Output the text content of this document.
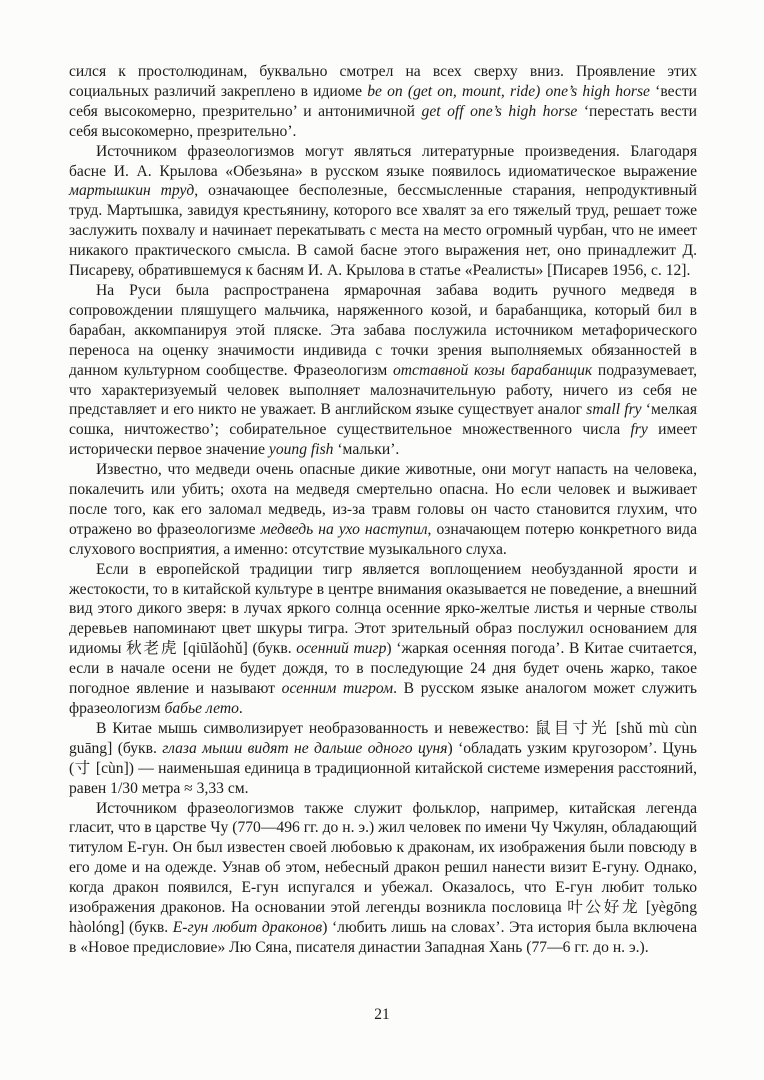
сился к простолюдинам, буквально смотрел на всех сверху вниз. Проявление этих социальных различий закреплено в идиоме be on (get on, mount, ride) one’s high horse ‘вести себя высокомерно, презрительно’ и антонимичной get off one’s high horse ‘перестать вести себя высокомерно, презрительно’.

Источником фразеологизмов могут являться литературные произведения. Благодаря басне И. А. Крылова «Обезьяна» в русском языке появилось идиоматическое выражение мартышкин труд, означающее бесполезные, бессмысленные старания, непродуктивный труд. Мартышка, завидуя крестьянину, которого все хвалят за его тяжелый труд, решает тоже заслужить похвалу и начинает перекатывать с места на место огромный чурбан, что не имеет никакого практического смысла. В самой басне этого выражения нет, оно принадлежит Д. Писареву, обратившемуся к басням И. А. Крылова в статье «Реалисты» [Писарев 1956, с. 12].

На Руси была распространена ярмарочная забава водить ручного медведя в сопровождении пляшущего мальчика, наряженного козой, и барабанщика, который бил в барабан, аккомпанируя этой пляске. Эта забава послужила источником метафорического переноса на оценку значимости индивида с точки зрения выполняемых обязанностей в данном культурном сообществе. Фразеологизм отставной козы барабанщик подразумевает, что характеризуемый человек выполняет малозначительную работу, ничего из себя не представляет и его никто не уважает. В английском языке существует аналог small fry ‘мелкая сошка, ничтожество’; собирательное существительное множественного числа fry имеет исторически первое значение young fish ‘мальки’.

Известно, что медведи очень опасные дикие животные, они могут напасть на человека, покалечить или убить; охота на медведя смертельно опасна. Но если человек и выживает после того, как его заломал медведь, из-за травм головы он часто становится глухим, что отражено во фразеологизме медведь на ухо наступил, означающем потерю конкретного вида слухового восприятия, а именно: отсутствие музыкального слуха.

Если в европейской традиции тигр является воплощением необузданной ярости и жестокости, то в китайской культуре в центре внимания оказывается не поведение, а внешний вид этого дикого зверя: в лучах яркого солнца осенние ярко-желтые листья и черные стволы деревьев напоминают цвет шкуры тигра. Этот зрительный образ послужил основанием для идиомы 秋老虎 [qiūlǎohǔ] (букв. осенний тигр) ‘жаркая осенняя погода’. В Китае считается, если в начале осени не будет дождя, то в последующие 24 дня будет очень жарко, такое погодное явление и называют осенним тигром. В русском языке аналогом может служить фразеологизм бабье лето.

В Китае мышь символизирует необразованность и невежество: 鼠目寸光 [shǔ mù cùn guāng] (букв. глаза мыши видят не дальше одного цуня) ‘обладать узким кругозором’. Цунь (寸 [cùn]) — наименьшая единица в традиционной китайской системе измерения расстояний, равен 1/30 метра ≈ 3,33 см.

Источником фразеологизмов также служит фольклор, например, китайская легенда гласит, что в царстве Чу (770—496 гг. до н. э.) жил человек по имени Чу Чжулян, обладающий титулом Е-гун. Он был известен своей любовью к драконам, их изображения были повсюду в его доме и на одежде. Узнав об этом, небесный дракон решил нанести визит Е-гуну. Однако, когда дракон появился, Е-гун испугался и убежал. Оказалось, что Е-гун любит только изображения драконов. На основании этой легенды возникла пословица 叶公好龙 [yègōng hàolóng] (букв. Е-гун любит драконов) ‘любить лишь на словах’. Эта история была включена в «Новое предисловие» Лю Сяна, писателя династии Западная Хань (77—6 гг. до н. э.).

21
